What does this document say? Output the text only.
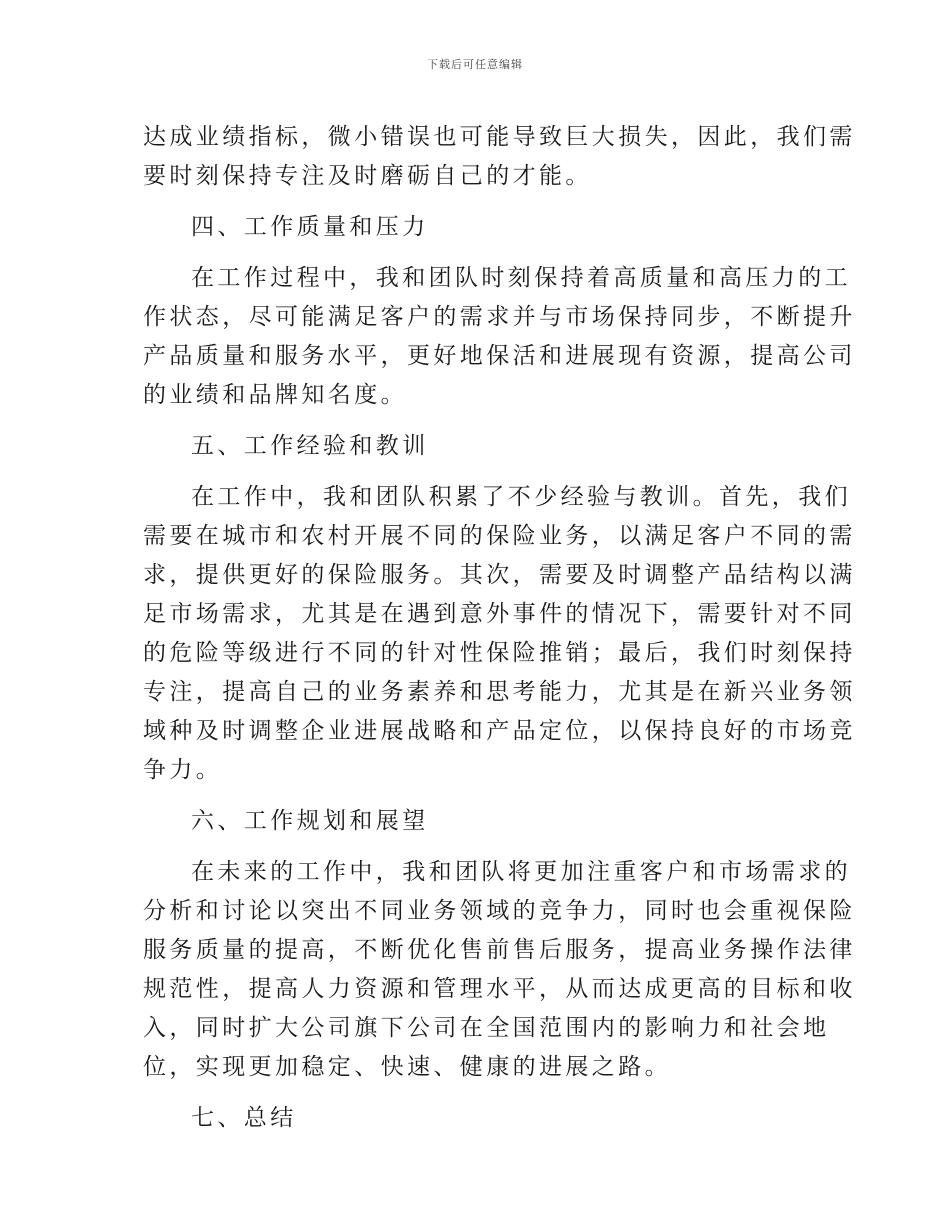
下载后可任意编辑
达成业绩指标，微小错误也可能导致巨大损失，因此，我们需
要时刻保持专注及时磨砺自己的才能。
四、工作质量和压力
在工作过程中，我和团队时刻保持着高质量和高压力的工
作状态，尽可能满足客户的需求并与市场保持同步，不断提升
产品质量和服务水平，更好地保活和进展现有资源，提高公司
的业绩和品牌知名度。
五、工作经验和教训
在工作中，我和团队积累了不少经验与教训。首先，我们
需要在城市和农村开展不同的保险业务，以满足客户不同的需
求，提供更好的保险服务。其次，需要及时调整产品结构以满
足市场需求，尤其是在遇到意外事件的情况下，需要针对不同
的危险等级进行不同的针对性保险推销；最后，我们时刻保持
专注，提高自己的业务素养和思考能力，尤其是在新兴业务领
域种及时调整企业进展战略和产品定位，以保持良好的市场竞
争力。
六、工作规划和展望
在未来的工作中，我和团队将更加注重客户和市场需求的
分析和讨论以突出不同业务领域的竞争力，同时也会重视保险
服务质量的提高，不断优化售前售后服务，提高业务操作法律
规范性，提高人力资源和管理水平，从而达成更高的目标和收
入，同时扩大公司旗下公司在全国范围内的影响力和社会地
位，实现更加稳定、快速、健康的进展之路。
七、总结
